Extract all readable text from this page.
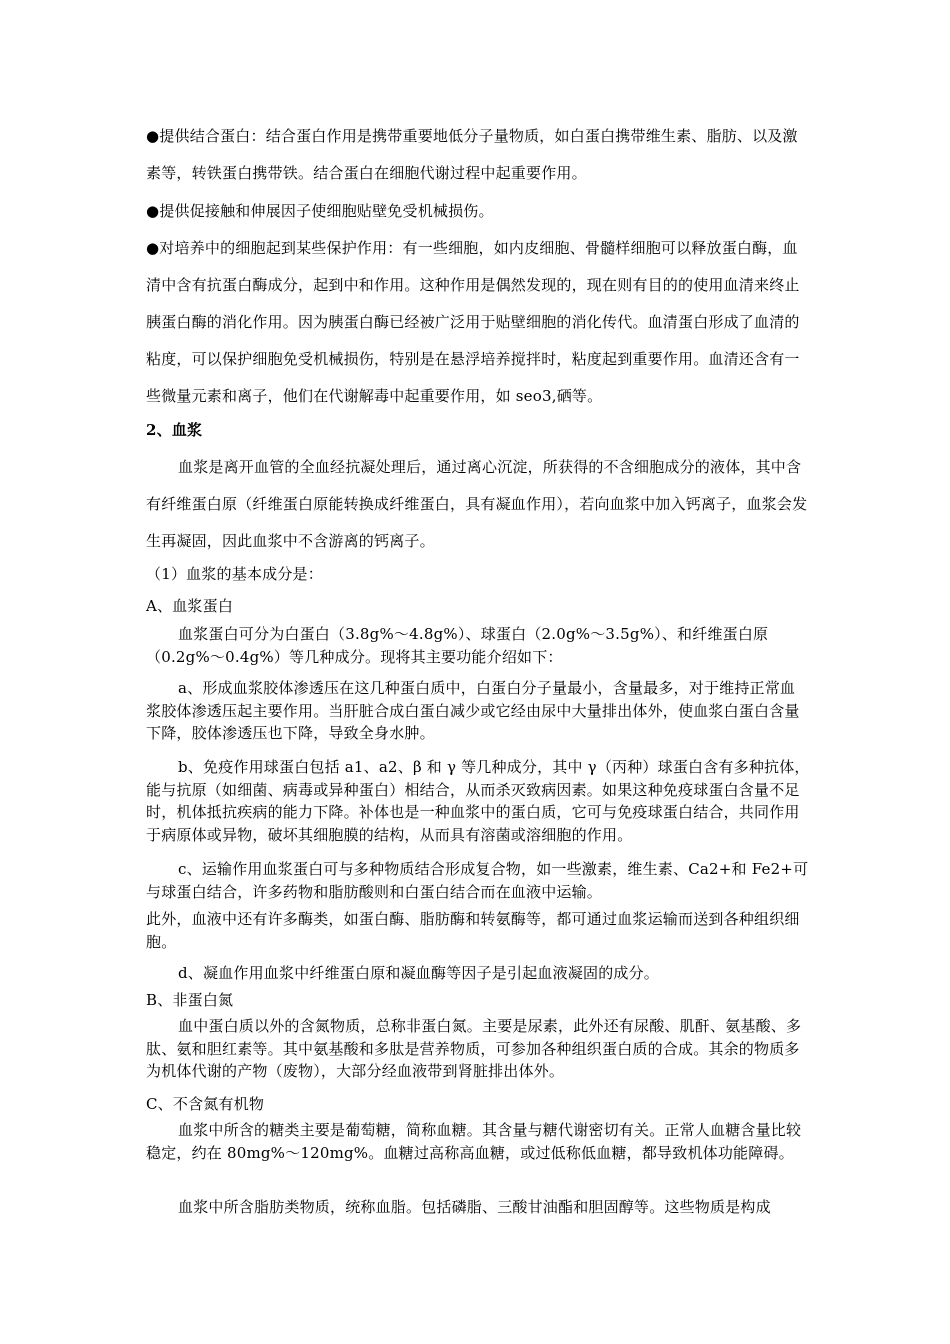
●提供结合蛋白：结合蛋白作用是携带重要地低分子量物质，如白蛋白携带维生素、脂肪、以及激素等，转铁蛋白携带铁。结合蛋白在细胞代谢过程中起重要作用。

●提供促接触和伸展因子使细胞贴壁免受机械损伤。

●对培养中的细胞起到某些保护作用：有一些细胞，如内皮细胞、骨髓样细胞可以释放蛋白酶，血清中含有抗蛋白酶成分，起到中和作用。这种作用是偶然发现的，现在则有目的的使用血清来终止胰蛋白酶的消化作用。因为胰蛋白酶已经被广泛用于贴壁细胞的消化传代。血清蛋白形成了血清的粘度，可以保护细胞免受机械损伤，特别是在悬浮培养搅拌时，粘度起到重要作用。血清还含有一些微量元素和离子，他们在代谢解毒中起重要作用，如 seo3,硒等。

2、血浆

血浆是离开血管的全血经抗凝处理后，通过离心沉淀，所获得的不含细胞成分的液体，其中含有纤维蛋白原（纤维蛋白原能转换成纤维蛋白，具有凝血作用），若向血浆中加入钙离子，血浆会发生再凝固，因此血浆中不含游离的钙离子。

（1）血浆的基本成分是：

A、血浆蛋白

血浆蛋白可分为白蛋白（3.8g%～4.8g%）、球蛋白（2.0g%～3.5g%）、和纤维蛋白原（0.2g%～0.4g%）等几种成分。现将其主要功能介绍如下：

a、形成血浆胶体渗透压在这几种蛋白质中，白蛋白分子量最小，含量最多，对于维持正常血浆胶体渗透压起主要作用。当肝脏合成白蛋白减少或它经由尿中大量排出体外，使血浆白蛋白含量下降，胶体渗透压也下降，导致全身水肿。

b、免疫作用球蛋白包括 a1、a2、β 和 γ 等几种成分，其中 γ（丙种）球蛋白含有多种抗体，能与抗原（如细菌、病毒或异种蛋白）相结合，从而杀灭致病因素。如果这种免疫球蛋白含量不足时，机体抵抗疾病的能力下降。补体也是一种血浆中的蛋白质，它可与免疫球蛋白结合，共同作用于病原体或异物，破坏其细胞膜的结构，从而具有溶菌或溶细胞的作用。

c、运输作用血浆蛋白可与多种物质结合形成复合物，如一些激素，维生素、Ca2+和 Fe2+可与球蛋白结合，许多药物和脂肪酸则和白蛋白结合而在血液中运输。

此外，血液中还有许多酶类，如蛋白酶、脂肪酶和转氨酶等，都可通过血浆运输而送到各种组织细胞。

d、凝血作用血浆中纤维蛋白原和凝血酶等因子是引起血液凝固的成分。

B、非蛋白氮

血中蛋白质以外的含氮物质，总称非蛋白氮。主要是尿素，此外还有尿酸、肌酐、氨基酸、多肽、氨和胆红素等。其中氨基酸和多肽是营养物质，可参加各种组织蛋白质的合成。其余的物质多为机体代谢的产物（废物），大部分经血液带到肾脏排出体外。

C、不含氮有机物

血浆中所含的糖类主要是葡萄糖，简称血糖。其含量与糖代谢密切有关。正常人血糖含量比较稳定，约在 80mg%～120mg%。血糖过高称高血糖，或过低称低血糖，都导致机体功能障碍。

血浆中所含脂肪类物质，统称血脂。包括磷脂、三酸甘油酯和胆固醇等。这些物质是构成
